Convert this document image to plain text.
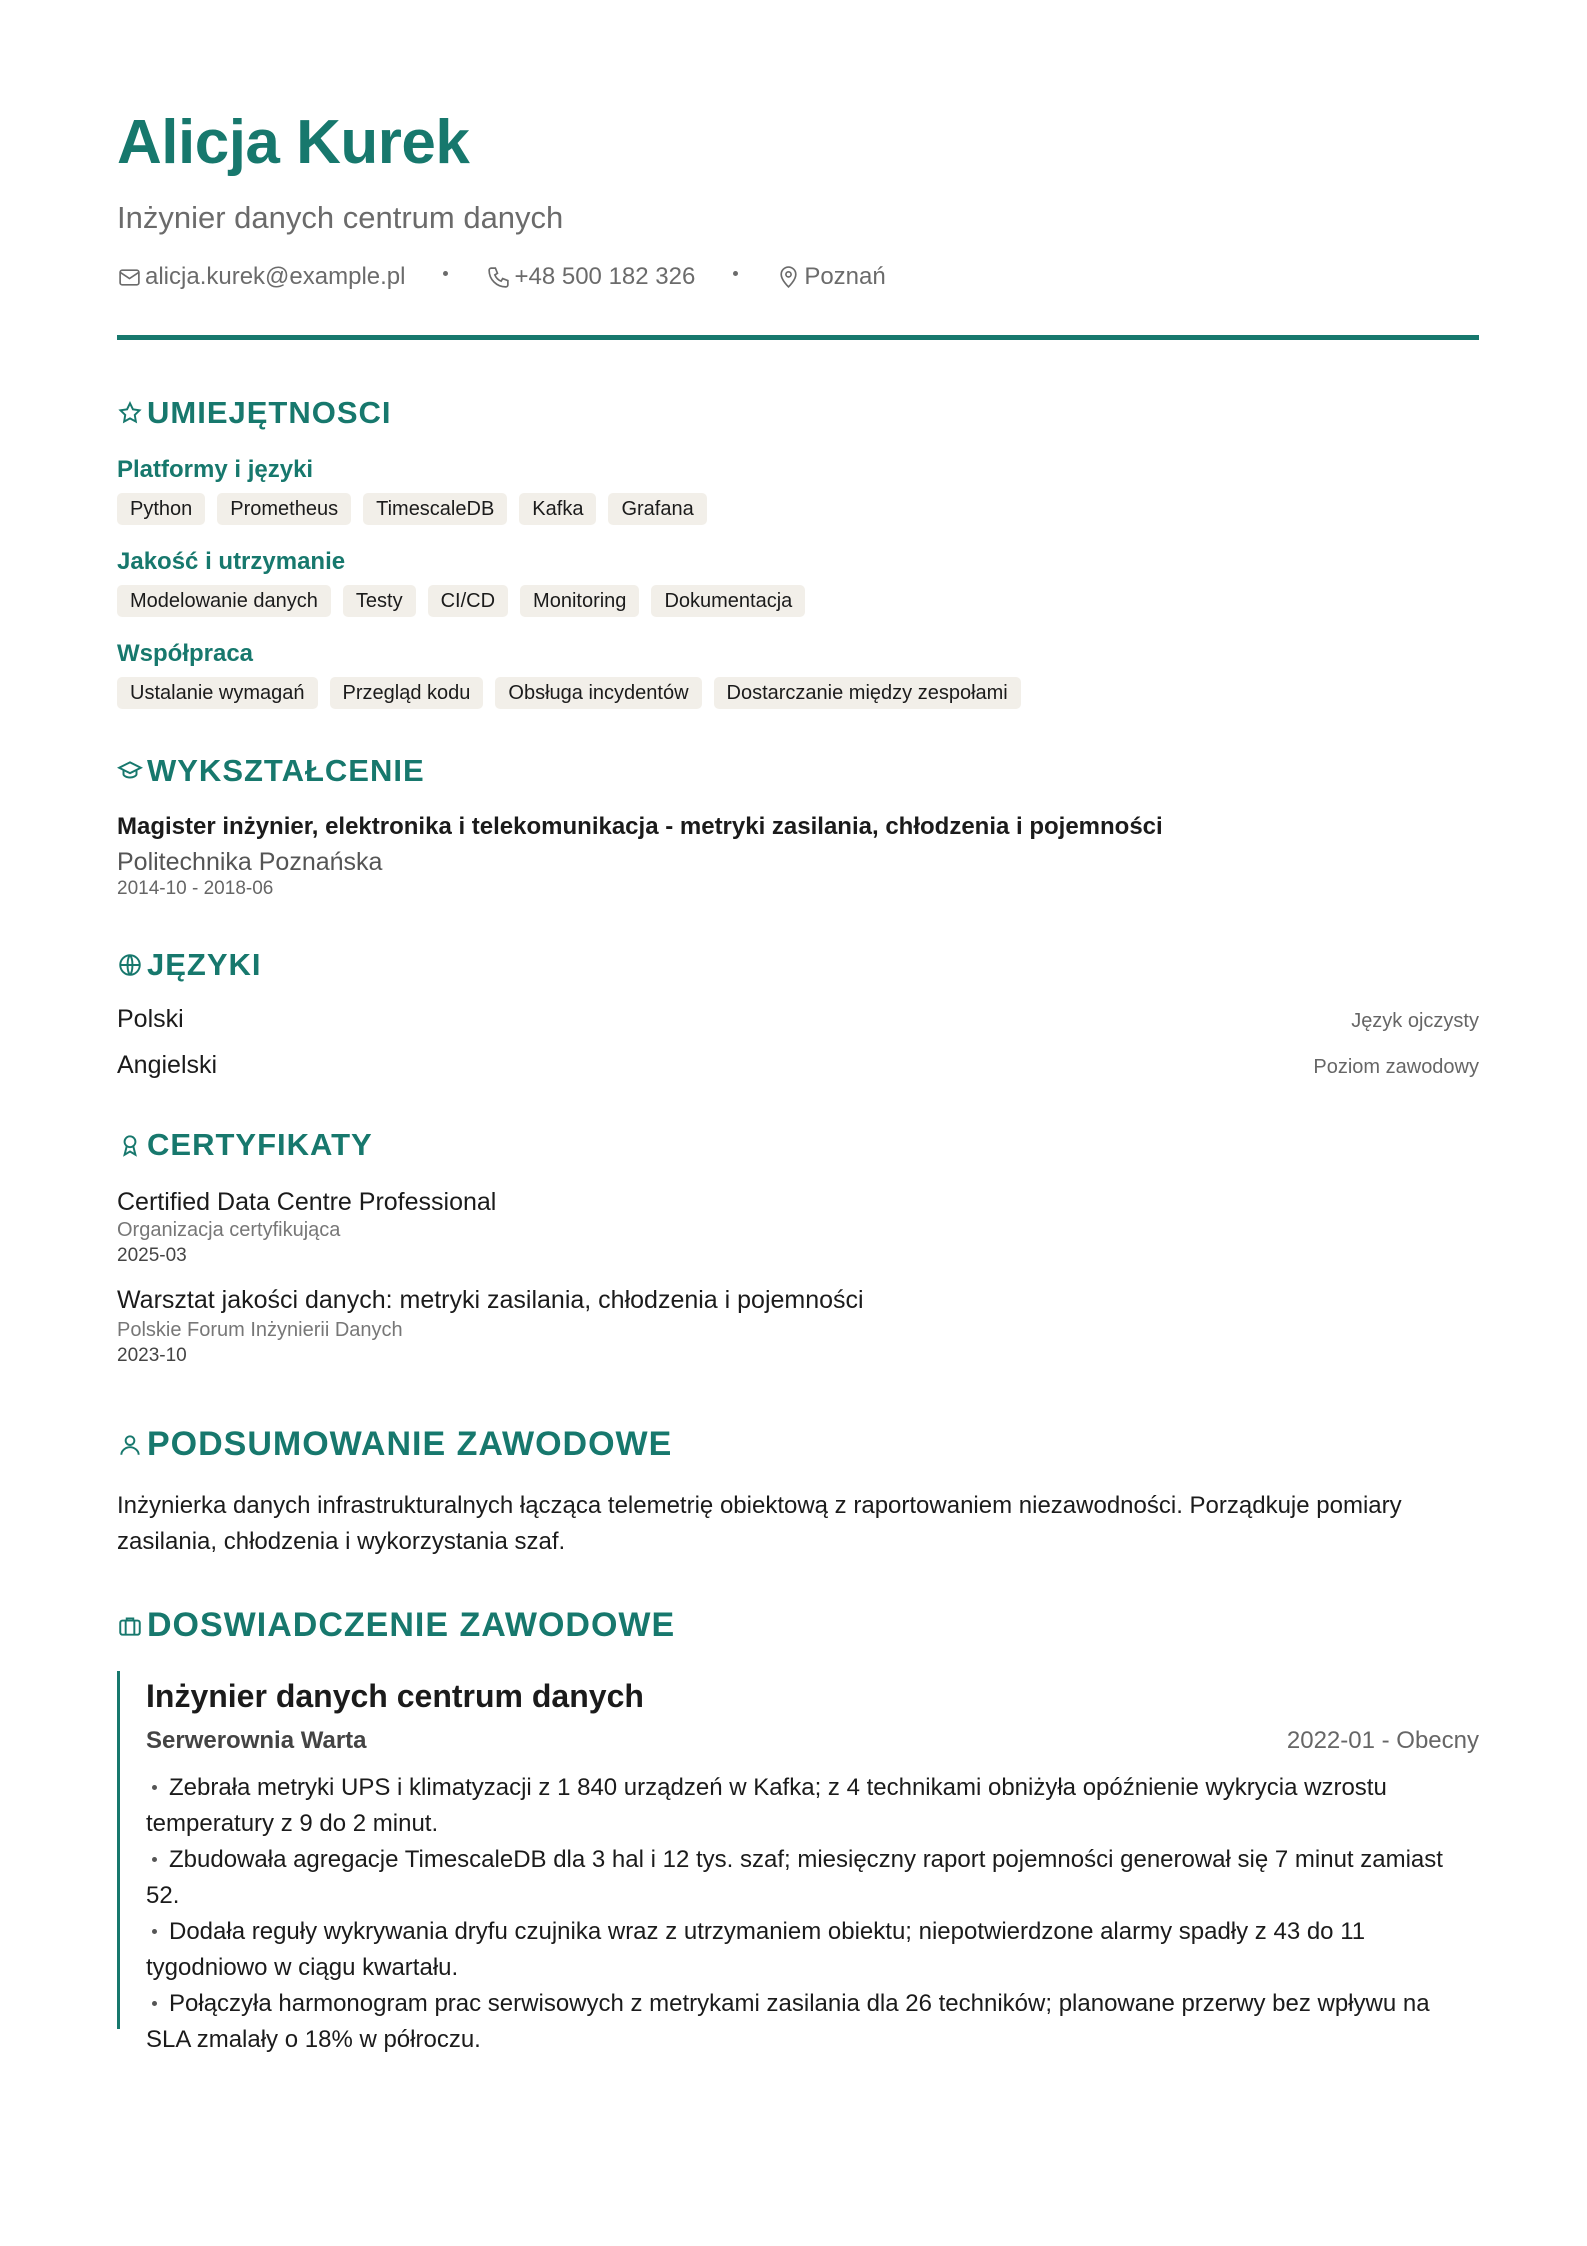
Alicja Kurek
Inżynier danych centrum danych
alicja.kurek@example.pl	+48 500 182 326	Poznań
UMIEJĘTNOSCI
Platformy i języki
Python	Prometheus	TimescaleDB	Kafka	Grafana
Jakość i utrzymanie
Modelowanie danych	Testy	CI/CD	Monitoring	Dokumentacja
Współpraca
Ustalanie wymagań	Przegląd kodu	Obsługa incydentów	Dostarczanie między zespołami
WYKSZTAŁCENIE
Magister inżynier, elektronika i telekomunikacja - metryki zasilania, chłodzenia i pojemności
Politechnika Poznańska
2014-10 - 2018-06
JĘZYKI
Polski	Język ojczysty
Angielski	Poziom zawodowy
CERTYFIKATY
Certified Data Centre Professional
Organizacja certyfikująca
2025-03
Warsztat jakości danych: metryki zasilania, chłodzenia i pojemności
Polskie Forum Inżynierii Danych
2023-10
PODSUMOWANIE ZAWODOWE
Inżynierka danych infrastrukturalnych łącząca telemetrię obiektową z raportowaniem niezawodności. Porządkuje pomiary zasilania, chłodzenia i wykorzystania szaf.
DOSWIADCZENIE ZAWODOWE
Inżynier danych centrum danych
Serwerownia Warta	2022-01 - Obecny
Zebrała metryki UPS i klimatyzacji z 1 840 urządzeń w Kafka; z 4 technikami obniżyła opóźnienie wykrycia wzrostu temperatury z 9 do 2 minut.
Zbudowała agregacje TimescaleDB dla 3 hal i 12 tys. szaf; miesięczny raport pojemności generował się 7 minut zamiast 52.
Dodała reguły wykrywania dryfu czujnika wraz z utrzymaniem obiektu; niepotwierdzone alarmy spadły z 43 do 11 tygodniowo w ciągu kwartału.
Połączyła harmonogram prac serwisowych z metrykami zasilania dla 26 techników; planowane przerwy bez wpływu na SLA zmalały o 18% w półroczu.
